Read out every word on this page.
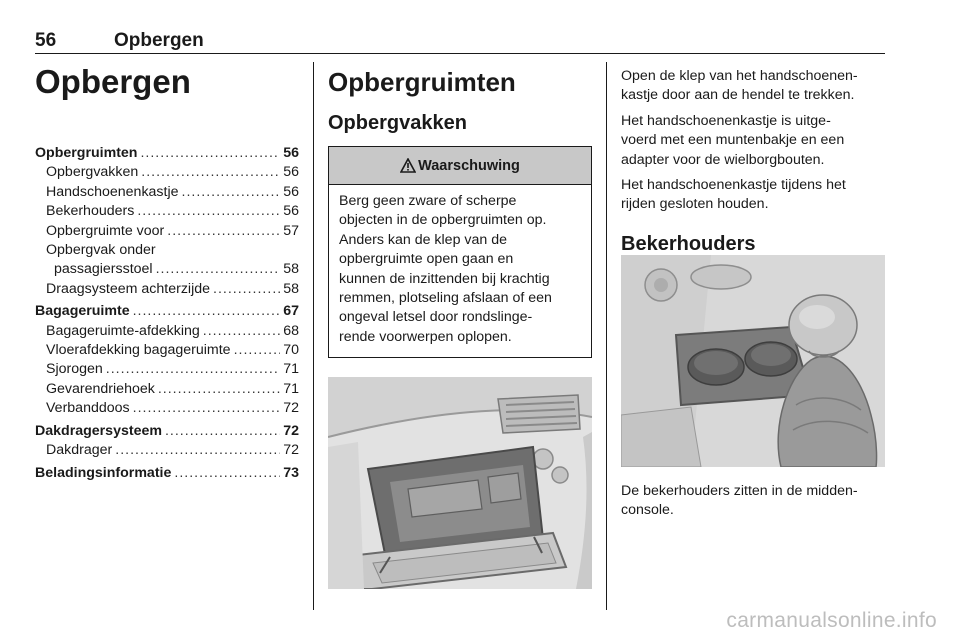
56	Opbergen
Opbergen
Opbergruimten .....	56
Opbergvakken .....	56
Handschoenenkastje .....	56
Bekerhouders .....	56
Opbergruimte voor .....	57
Opbergvak onder
passagiersstoel .....	58
Draagsysteem achterzijde .....	58
Bagageruimte .....	67
Bagageruimte-afdekking .....	68
Vloerafdekking bagageruimte .....	70
Sjorogen .....	71
Gevarendriehoek .....	71
Verbanddoos .....	72
Dakdragersysteem .....	72
Dakdrager .....	72
Beladingsinformatie .....	73
Opbergruimten
Opbergvakken
Waarschuwing
Berg geen zware of scherpe
objecten in de opbergruimten op.
Anders kan de klep van de
opbergruimte open gaan en
kunnen de inzittenden bij krachtig
remmen, plotseling afslaan of een
ongeval letsel door rondslinge-
rende voorwerpen oplopen.
Open de klep van het handschoenen-
kastje door aan de hendel te trekken.
Het handschoenenkastje is uitge-
voerd met een muntenbakje en een
adapter voor de wielborgbouten.
Het handschoenenkastje tijdens het
rijden gesloten houden.
Bekerhouders
De bekerhouders zitten in de midden-
console.
carmanualsonline.info
